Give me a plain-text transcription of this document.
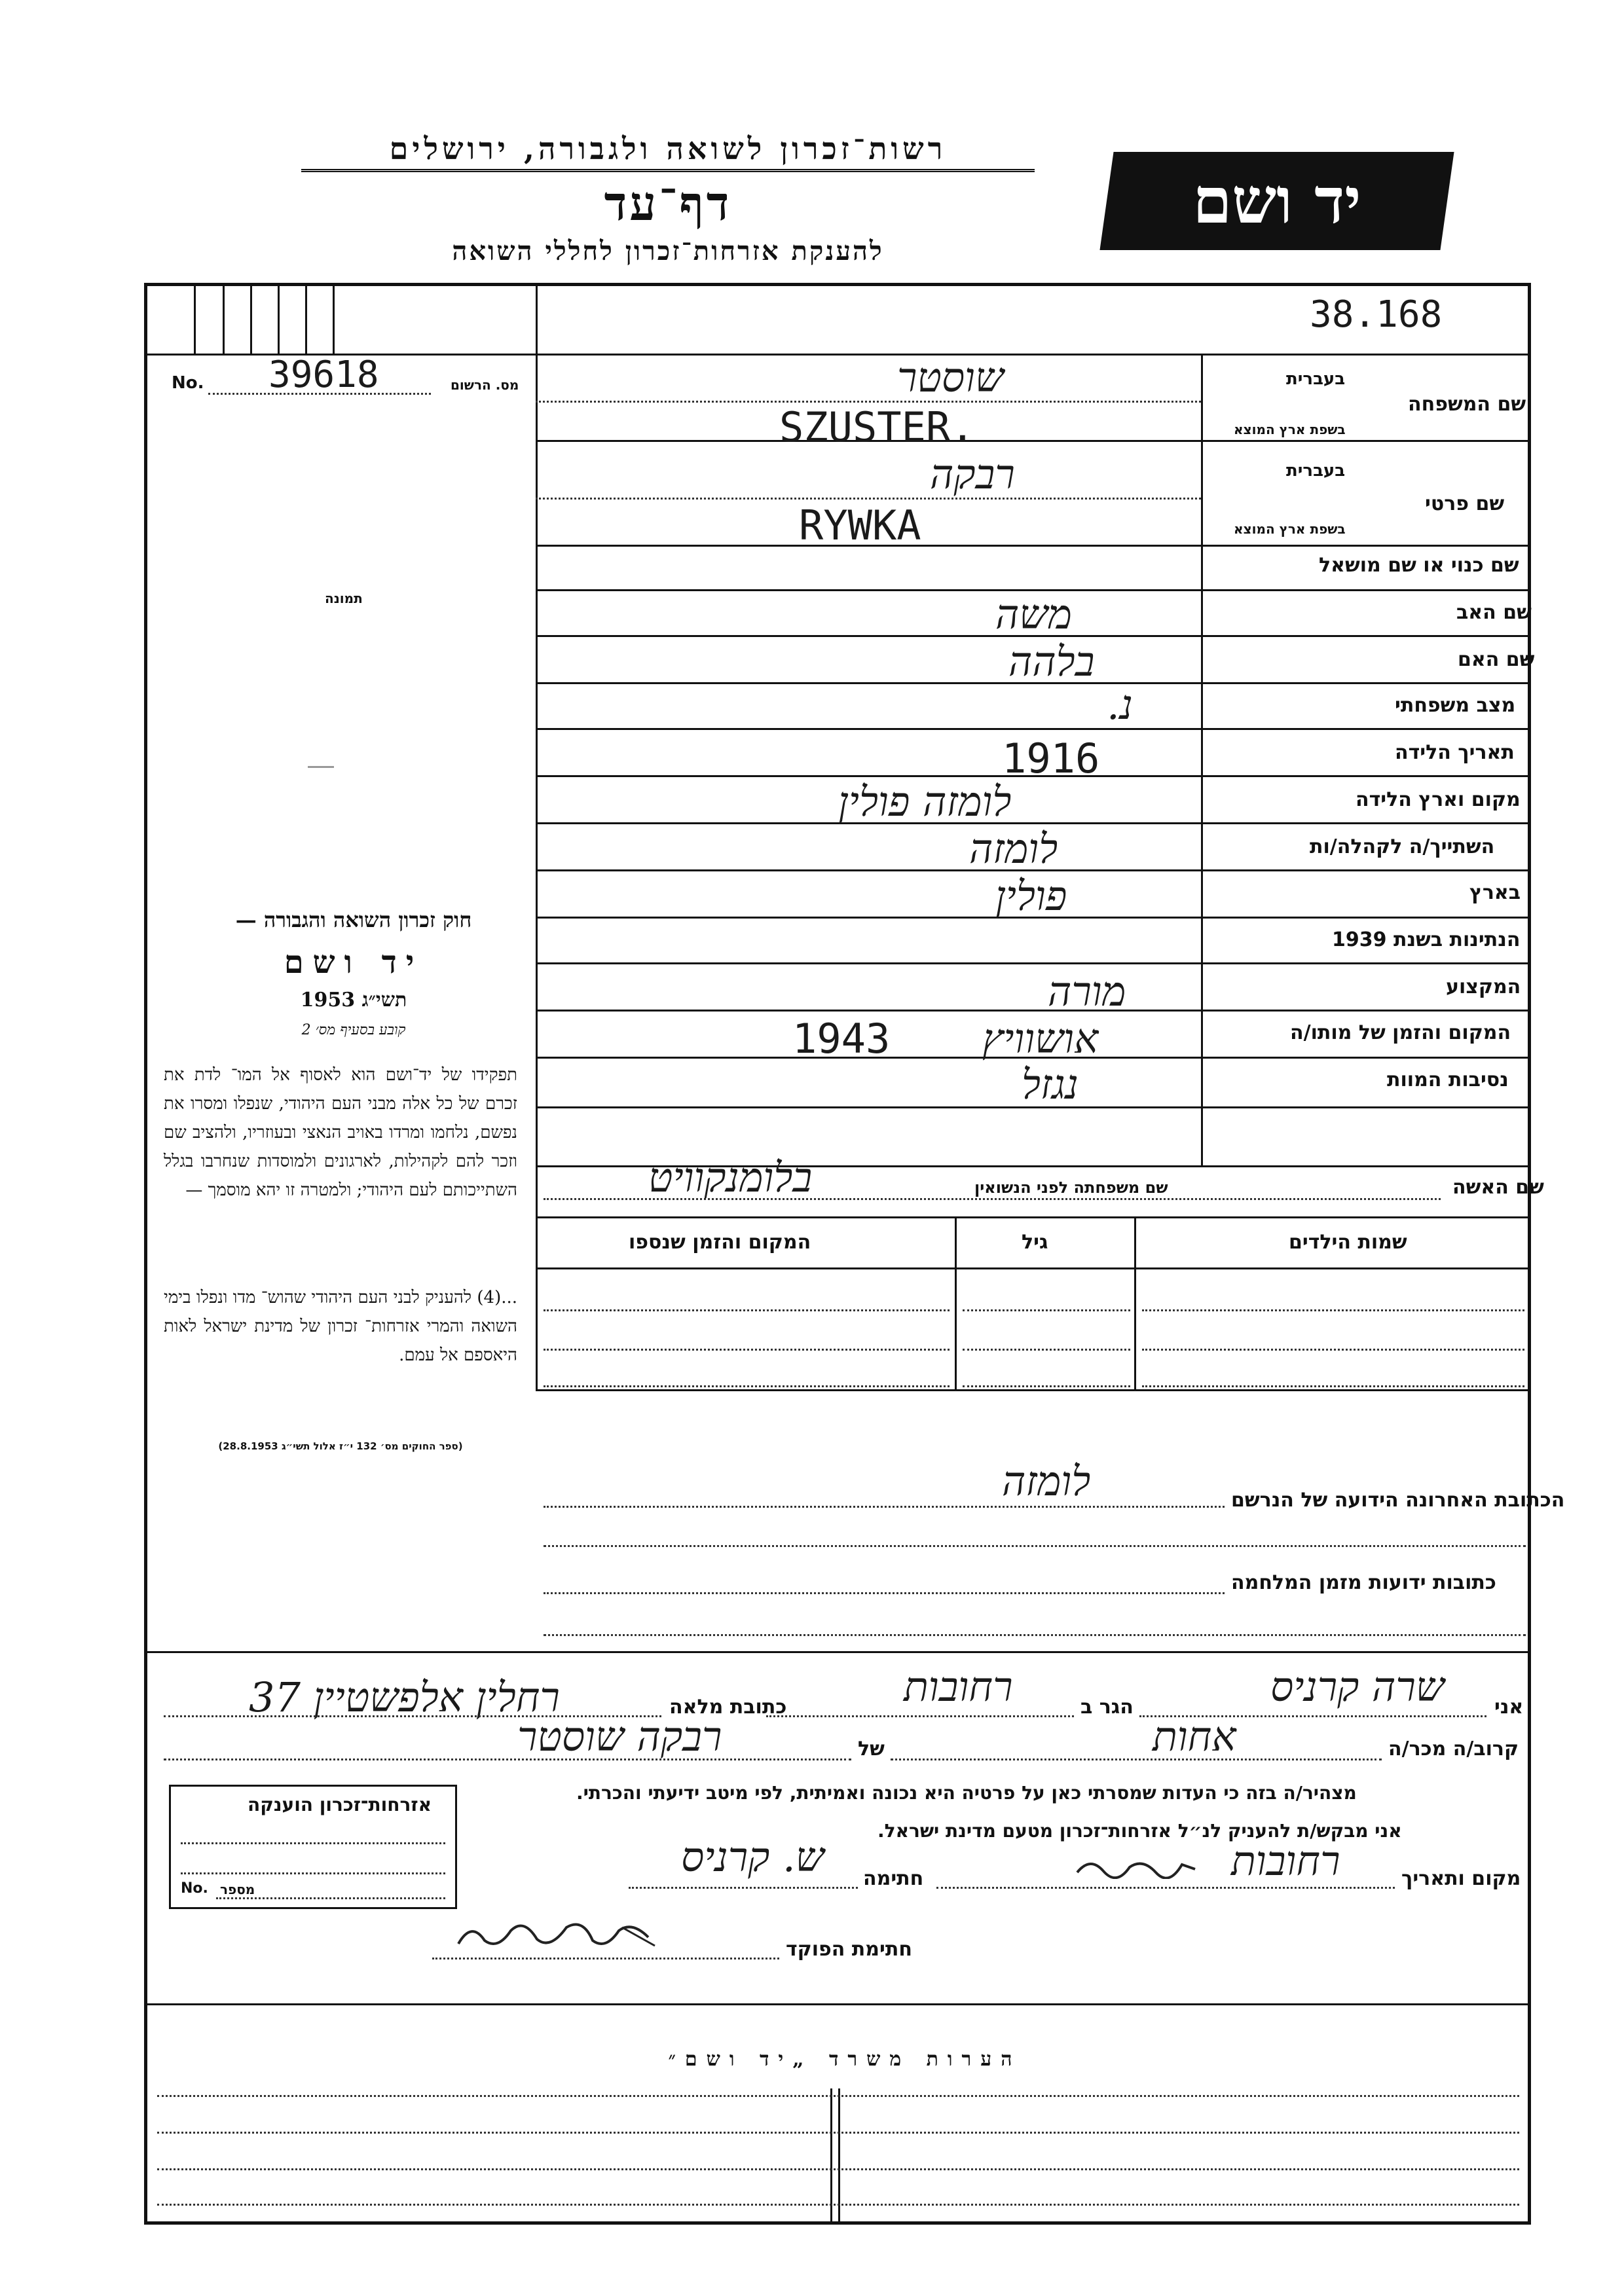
רשות־זכרון לשואה ולגבורה, ירושלים
דף־עד
להענקת אזרחות־זכרון לחללי השואה
יד ושם
38.168
No. 39618	מס. הרשום
תמונה
שם המשפחה
בעברית
בשפת ארץ המוצא
שוסטר
SZUSTER.
שם פרטי
בעברית
בשפת ארץ המוצא
רבקה
RYWKA
שם כנוי או שם מושאל
שם האב
משה
שם האם
בלהה
מצב משפחתי
נ.
תאריך הלידה
1916
מקום וארץ הלידה
לומזה פולין
השתייך/ה לקהלה/ות
לומזה
בארץ
פולין
הנתינות בשנת 1939
המקצוע
מורה
המקום והזמן של מותו/ה
אושוויץ
1943
נסיבות המוות
נגזל
שם האשה
שם משפחתה לפני הנשואין
בלומנקוויט
שמות הילדים
גיל
המקום והזמן שנספו
חוק זכרון השואה והגבורה —
יד ושם
תשי״ג 1953
קובע בסעיף מס׳ 2
תפקידו של יד־ושם הוא לאסוף אל המו־ לדת את זכרם של כל אלה מבני העם היהודי, שנפלו ומסרו את נפשם, נלחמו ומרדו באויב הנאצי ובעוזריו, ולהציב שם וזכר להם לקהילות, לארגונים ולמוסדות שנחרבו בגלל השתייכותם לעם היהודי; ולמטרה זו יהא מוסמך —
...(4) להעניק לבני העם היהודי שהוש־ מדו ונפלו בימי השואה והמרי אזרחות־ זכרון של מדינת ישראל לאות היאספם אל עמם.
(ספר החוקים מס׳ 132 י״ז אלול תשי״ג 28.8.1953)
הכתובת האחרונה הידועה של הנרשם
לומזה
כתובות ידועות מזמן המלחמה
אני
שרה קרניס
הגר ב
רחובות
כתובת מלאה
רחלין אלפשטיין 37
קרוב/ה מכר/ה
אחות
של
רבקה שוסטר
מצהיר/ה בזה כי העדות שמסרתי כאן על פרטיה היא נכונה ואמיתית, לפי מיטב ידיעתי והכרתי.
אני מבקש/ת להעניק לנ״ל אזרחות־זכרון מטעם מדינת ישראל.
מקום ותאריך
רחובות
חתימה
ש. קרניס
חתימת הפוקד
אזרחות־זכרון הוענקה
No. מספר
הערות משרד „יד ושם״
